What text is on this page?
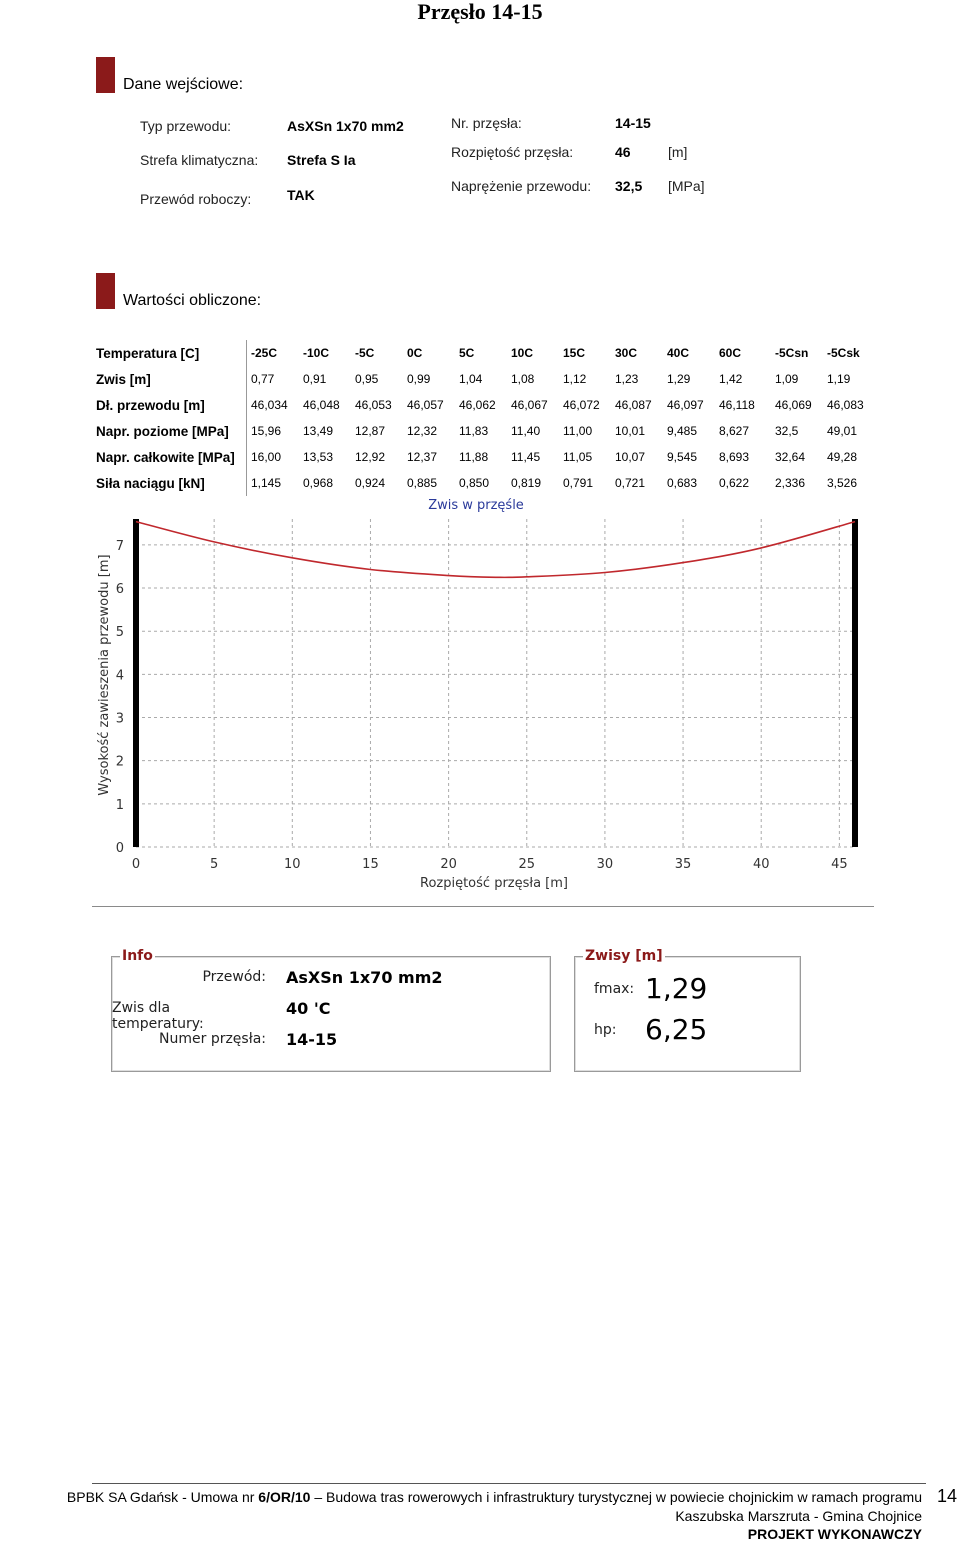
Przęsło 14-15
Dane wejściowe:
Typ przewodu:	AsXSn 1x70 mm2
Strefa klimatyczna: Strefa S Ia
Przewód roboczy:	TAK
Nr. przęsła:	14-15
Rozpiętość przęsła:	46	[m]
Naprężenie przewodu: 32,5 [MPa]
Wartości obliczone:
Temperatura [C]	-25C	-10C	-5C	0C	5C	10C	15C	30C	40C	60C	-5Csn	-5Csk
Zwis [m]	0,77	0,91	0,95	0,99	1,04	1,08	1,12	1,23	1,29	1,42	1,09	1,19
Dł. przewodu [m]	46,034	46,048	46,053	46,057	46,062	46,067	46,072	46,087	46,097	46,118	46,069	46,083
Napr. poziome [MPa]	15,96	13,49	12,87	12,32	11,83	11,40	11,00	10,01	9,485	8,627	32,5	49,01
Napr. całkowite [MPa]	16,00	13,53	12,92	12,37	11,88	11,45	11,05	10,07	9,545	8,693	32,64	49,28
Siła naciągu [kN]	1,145	0,968	0,924	0,885	0,850	0,819	0,791	0,721	0,683	0,622	2,336	3,526
Zwis w przęśle
0	5	10	15	20	25	30	35	40	45
0
1
2
3
4
5
6
7
Rozpiętość przęsła [m]
Wysokość zawieszenia przewodu [m]
Info
Przewód: AsXSn 1x70 mm2
Zwis dla temperatury:
40 'C
Numer przęsła: 14-15
Zwisy [m]
fmax: 1,29
hp: 6,25
BPBK SA Gdańsk - Umowa nr 6/OR/10 – Budowa tras rowerowych i infrastruktury turystycznej w powiecie chojnickim w ramach programu
Kaszubska Marszruta - Gmina Chojnice
PROJEKT WYKONAWCZY
14
